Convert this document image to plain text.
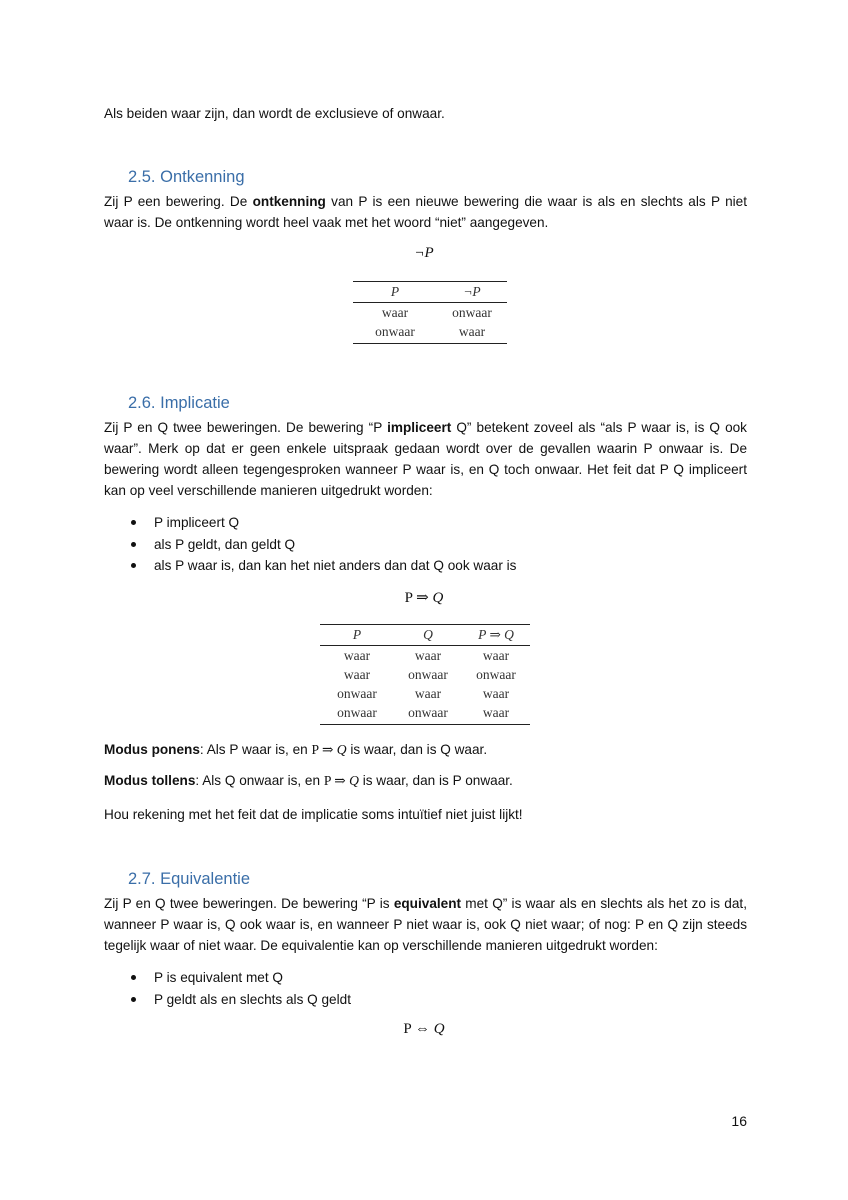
Als beiden waar zijn, dan wordt de exclusieve of onwaar.

2.5. Ontkenning

Zij P een bewering. De ontkenning van P is een nieuwe bewering die waar is als en slechts als P niet waar is. De ontkenning wordt heel vaak met het woord “niet” aangegeven.

¬P
P	¬P
waar	onwaar
onwaar	waar
2.6. Implicatie

Zij P en Q twee beweringen. De bewering “P impliceert Q” betekent zoveel als “als P waar is, is Q ook waar”. Merk op dat er geen enkele uitspraak gedaan wordt over de gevallen waarin P onwaar is. De bewering wordt alleen tegengesproken wanneer P waar is, en Q toch onwaar. Het feit dat P Q impliceert kan op veel verschillende manieren uitgedrukt worden:

P impliceert Q
als P geldt, dan geldt Q
als P waar is, dan kan het niet anders dan dat Q ook waar is
P ⇒ Q
P	Q	P ⇒ Q
waar	waar	waar
waar	onwaar	onwaar
onwaar	waar	waar
onwaar	onwaar	waar

Modus ponens: Als P waar is, en P ⇒ Q is waar, dan is Q waar.

Modus tollens: Als Q onwaar is, en P ⇒ Q is waar, dan is P onwaar.

Hou rekening met het feit dat de implicatie soms intuïtief niet juist lijkt!

2.7. Equivalentie

Zij P en Q twee beweringen. De bewering “P is equivalent met Q” is waar als en slechts als het zo is dat, wanneer P waar is, Q ook waar is, en wanneer P niet waar is, ook Q niet waar; of nog: P en Q zijn steeds tegelijk waar of niet waar. De equivalentie kan op verschillende manieren uitgedrukt worden:

P is equivalent met Q
P geldt als en slechts als Q geldt
P ⇔ Q
16
